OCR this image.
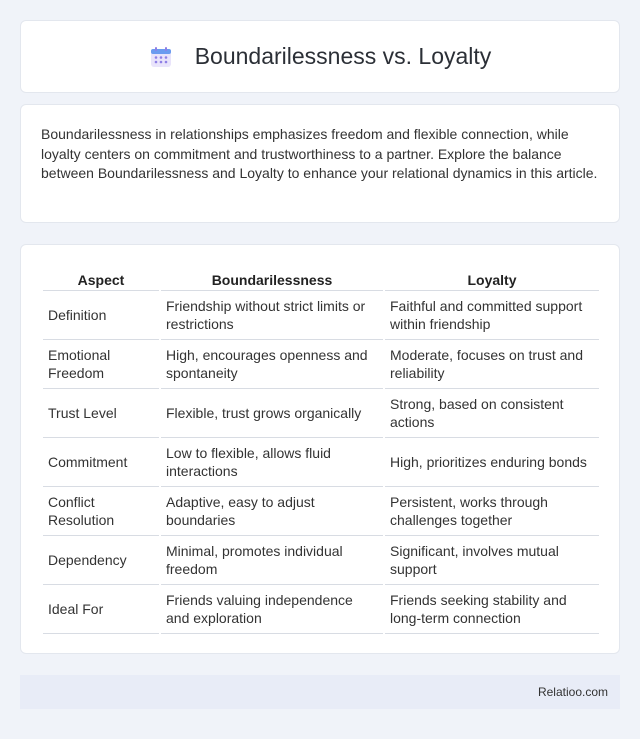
Boundarilessness vs. Loyalty

Boundarilessness in relationships emphasizes freedom and flexible connection, while loyalty centers on commitment and trustworthiness to a partner. Explore the balance between Boundarilessness and Loyalty to enhance your relational dynamics in this article.

Aspect	Boundarilessness	Loyalty
Definition	Friendship without strict limits or restrictions	Faithful and committed support within friendship
Emotional Freedom	High, encourages openness and spontaneity	Moderate, focuses on trust and reliability
Trust Level	Flexible, trust grows organically	Strong, based on consistent actions
Commitment	Low to flexible, allows fluid interactions	High, prioritizes enduring bonds
Conflict Resolution	Adaptive, easy to adjust boundaries	Persistent, works through challenges together
Dependency	Minimal, promotes individual freedom	Significant, involves mutual support
Ideal For	Friends valuing independence and exploration	Friends seeking stability and long-term connection
Relatioo.com
